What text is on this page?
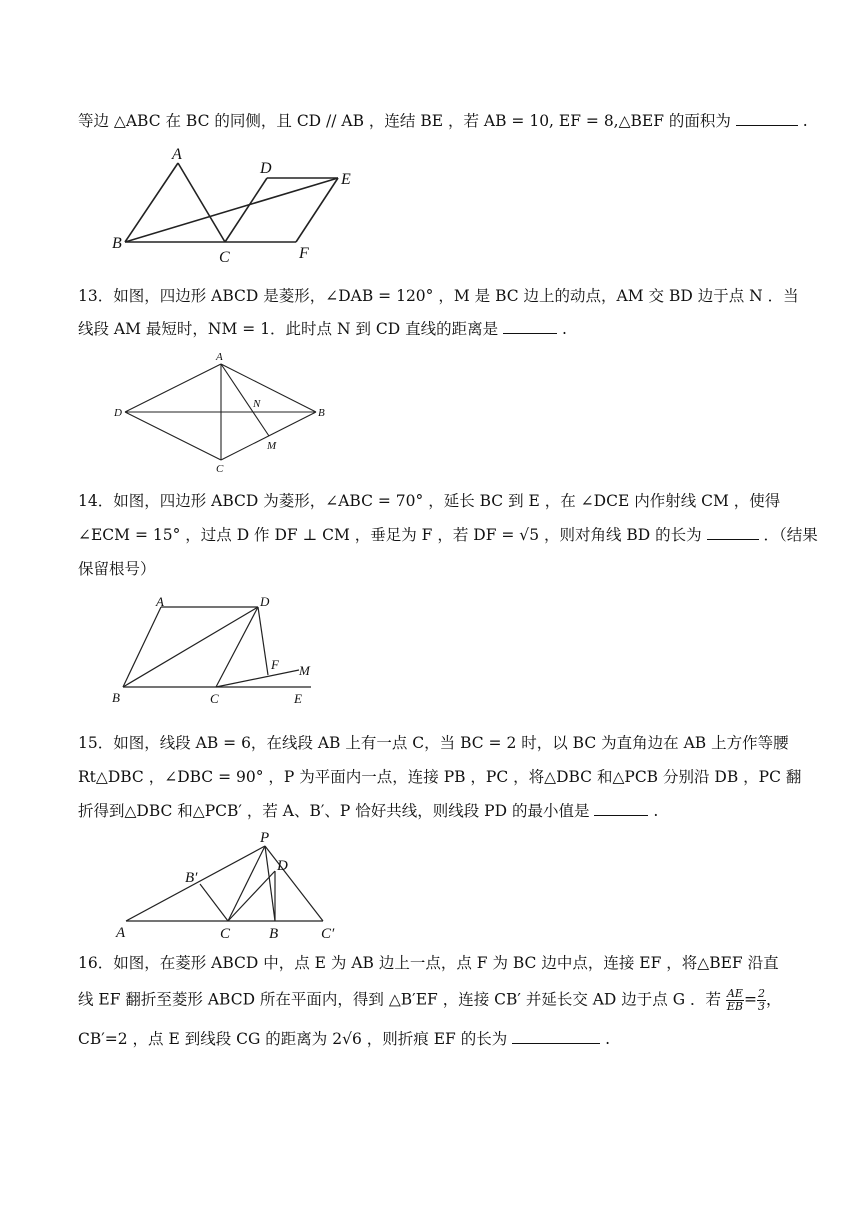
等边 △ABC 在 BC 的同侧，且 CD // AB ，连结 BE ，若 AB = 10, EF = 8,△BEF 的面积为	.
A
B
C
D
E
F
13．如图，四边形 ABCD 是菱形，∠DAB = 120° ，M 是 BC 边上的动点，AM 交 BD 边于点 N ．当
线段 AM 最短时，NM = 1．此时点 N 到 CD 直线的距离是	.
A
D	B
C
N
M
14．如图，四边形 ABCD 为菱形，∠ABC = 70° ，延长 BC 到 E ，在 ∠DCE 内作射线 CM ，使得
∠ECM = 15° ，过点 D 作 DF ⊥ CM ，垂足为 F ，若 DF = √5 ，则对角线 BD 的长为	．（结果
保留根号）
A	D
B	C	E
F M
15．如图，线段 AB = 6，在线段 AB 上有一点 C，当 BC = 2 时，以 BC 为直角边在 AB 上方作等腰
Rt△DBC ，∠DBC = 90° ，P 为平面内一点，连接 PB ，PC ，将△DBC 和△PCB 分别沿 DB ，PC 翻
折得到△DBC 和△PCB′ ，若 A、B′、P 恰好共线，则线段 PD 的最小值是	.
P
D
B′
A	C	B	C′
16．如图，在菱形 ABCD 中，点 E 为 AB 边上一点，点 F 为 BC 边中点，连接 EF ，将△BEF 沿直
线 EF 翻折至菱形 ABCD 所在平面内，得到 △B′EF ，连接 CB′ 并延长交 AD 边于点 G ．若 $\frac{AE}{EB} = \frac{2}{3}$ ，
CB′=2 ，点 E 到线段 CG 的距离为 2√6 ，则折痕 EF 的长为	.
